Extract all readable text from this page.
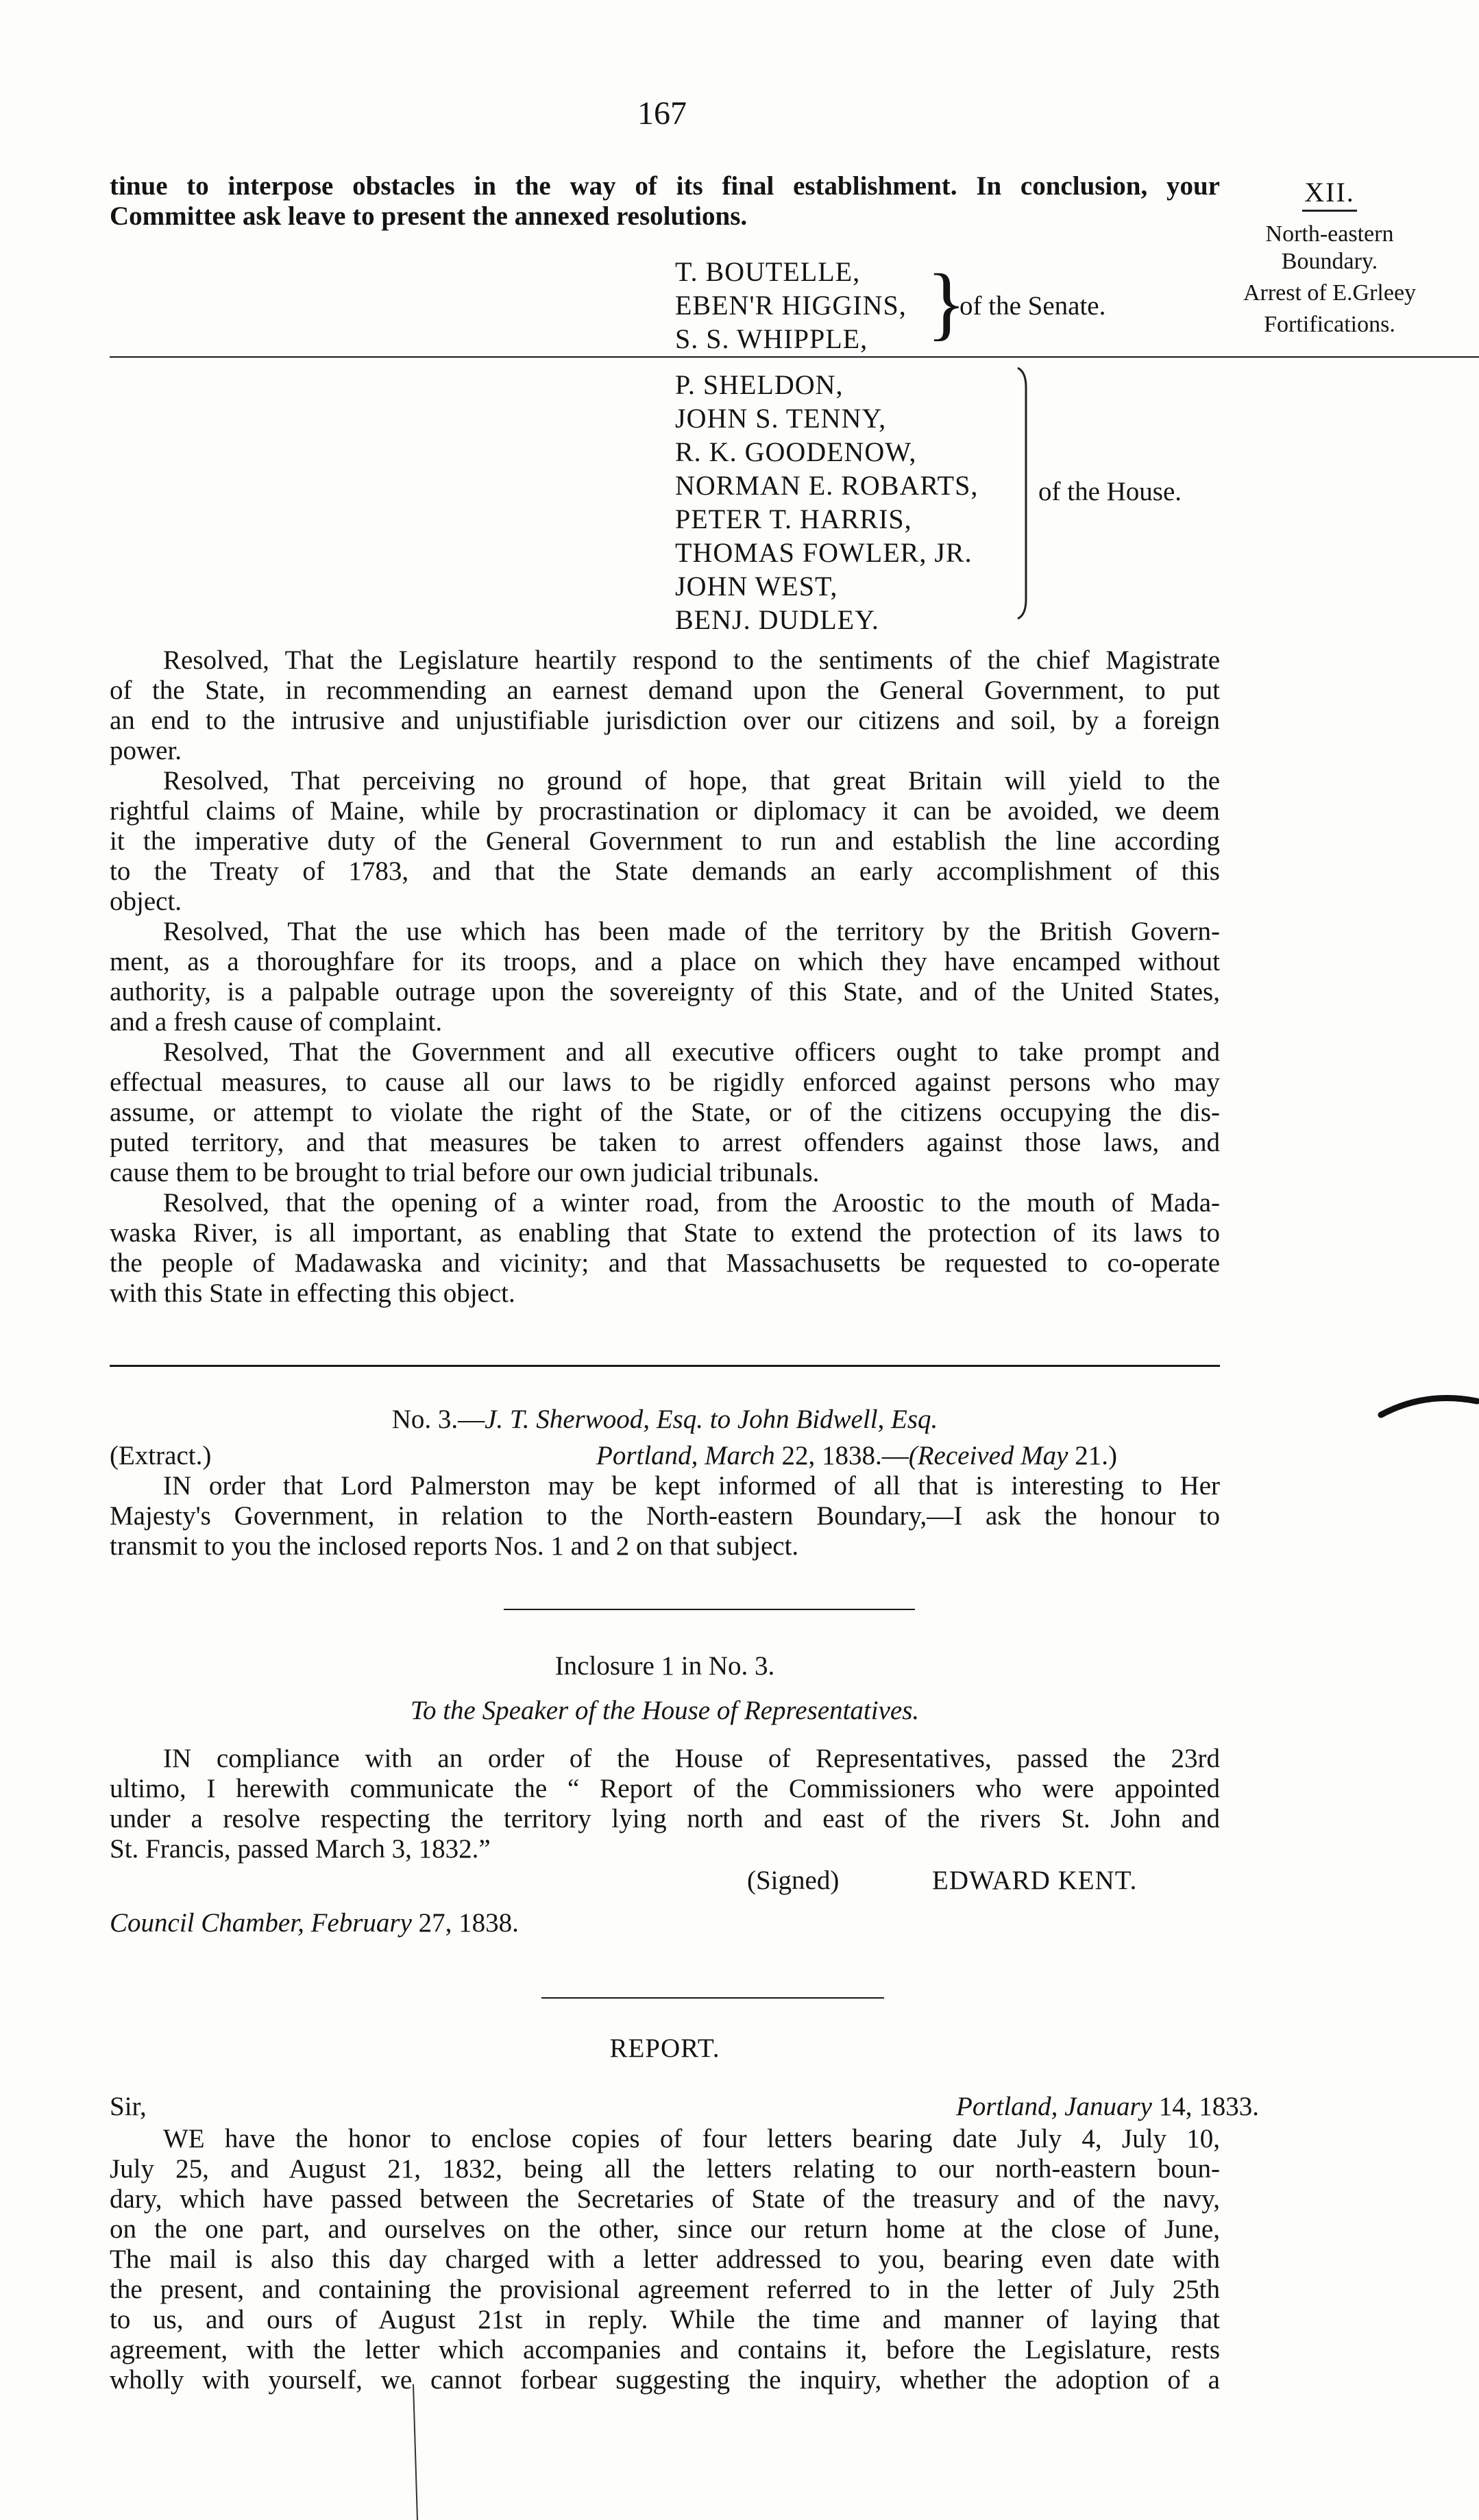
167
XII.
North-eastern
Boundary.
Arrest of E.Grleey
Fortifications.
tinue to interpose obstacles in the way of its final establishment. In conclusion, your
Committee ask leave to present the annexed resolutions.
T. BOUTELLE,
EBEN'R HIGGINS,
S. S. WHIPPLE, }
of the Senate.
P. SHELDON,
JOHN S. TENNY,
R. K. GOODENOW,
NORMAN E. ROBARTS,
PETER T. HARRIS,
THOMAS FOWLER, JR.
JOHN WEST,
BENJ. DUDLEY.
of the House.

Resolved, That the Legislature heartily respond to the sentiments of the chief Magistrate
of the State, in recommending an earnest demand upon the General Government, to put
an end to the intrusive and unjustifiable jurisdiction over our citizens and soil, by a foreign
power.

Resolved, That perceiving no ground of hope, that great Britain will yield to the
rightful claims of Maine, while by procrastination or diplomacy it can be avoided, we deem
it the imperative duty of the General Government to run and establish the line according
to the Treaty of 1783, and that the State demands an early accomplishment of this
object.

Resolved, That the use which has been made of the territory by the British Govern-
ment, as a thoroughfare for its troops, and a place on which they have encamped without
authority, is a palpable outrage upon the sovereignty of this State, and of the United States,
and a fresh cause of complaint.

Resolved, That the Government and all executive officers ought to take prompt and
effectual measures, to cause all our laws to be rigidly enforced against persons who may
assume, or attempt to violate the right of the State, or of the citizens occupying the dis-
puted territory, and that measures be taken to arrest offenders against those laws, and
cause them to be brought to trial before our own judicial tribunals.

Resolved, that the opening of a winter road, from the Aroostic to the mouth of Mada-
waska River, is all important, as enabling that State to extend the protection of its laws to
the people of Madawaska and vicinity; and that Massachusetts be requested to co-operate
with this State in effecting this object.

No. 3.—J. T. Sherwood, Esq. to John Bidwell, Esq.
(Extract.)	Portland, March 22, 1838.—(Received May 21.)
IN order that Lord Palmerston may be kept informed of all that is interesting to Her
Majesty's Government, in relation to the North-eastern Boundary,—I ask the honour to
transmit to you the inclosed reports Nos. 1 and 2 on that subject.
Inclosure 1 in No. 3.
To the Speaker of the House of Representatives.
IN compliance with an order of the House of Representatives, passed the 23rd
ultimo, I herewith communicate the “ Report of the Commissioners who were appointed
under a resolve respecting the territory lying north and east of the rivers St. John and
St. Francis, passed March 3, 1832.”
(Signed)	EDWARD KENT.
Council Chamber, February 27, 1838.
REPORT.
Sir,	Portland, January 14, 1833.
WE have the honor to enclose copies of four letters bearing date July 4, July 10,
July 25, and August 21, 1832, being all the letters relating to our north-eastern boun-
dary, which have passed between the Secretaries of State of the treasury and of the navy,
on the one part, and ourselves on the other, since our return home at the close of June,
The mail is also this day charged with a letter addressed to you, bearing even date with
the present, and containing the provisional agreement referred to in the letter of July 25th
to us, and ours of August 21st in reply. While the time and manner of laying that
agreement, with the letter which accompanies and contains it, before the Legislature, rests
wholly with yourself, we cannot forbear suggesting the inquiry, whether the adoption of a
